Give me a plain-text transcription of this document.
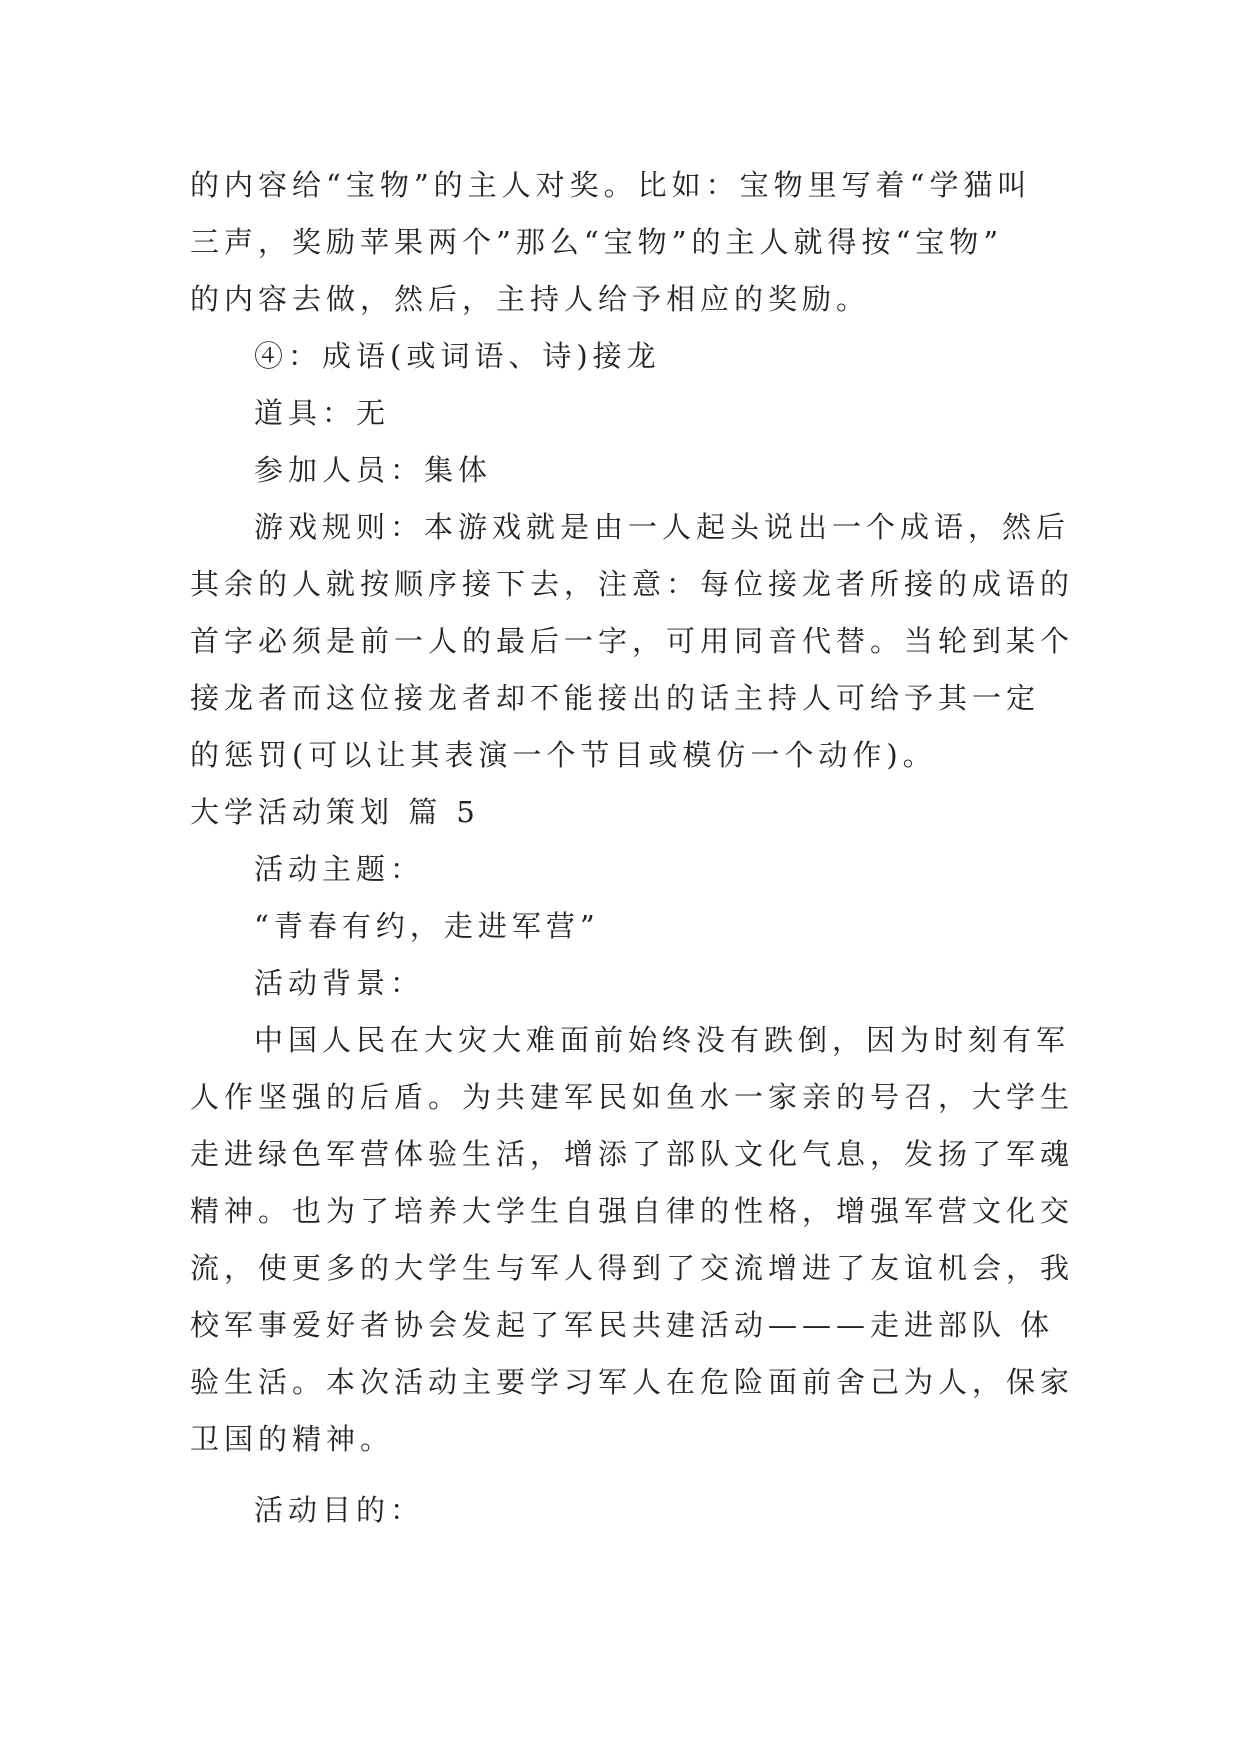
的内容给“宝物”的主人对奖。比如：宝物里写着“学猫叫

三声，奖励苹果两个”那么“宝物”的主人就得按“宝物”

的内容去做，然后，主持人给予相应的奖励。

④：成语(或词语、诗)接龙

道具：无

参加人员：集体

游戏规则：本游戏就是由一人起头说出一个成语，然后

其余的人就按顺序接下去，注意：每位接龙者所接的成语的

首字必须是前一人的最后一字，可用同音代替。当轮到某个

接龙者而这位接龙者却不能接出的话主持人可给予其一定

的惩罚(可以让其表演一个节目或模仿一个动作)。

大学活动策划 篇 5

活动主题：

“青春有约，走进军营”

活动背景：

中国人民在大灾大难面前始终没有跌倒，因为时刻有军

人作坚强的后盾。为共建军民如鱼水一家亲的号召，大学生

走进绿色军营体验生活，增添了部队文化气息，发扬了军魂

精神。也为了培养大学生自强自律的性格，增强军营文化交

流，使更多的大学生与军人得到了交流增进了友谊机会，我

校军事爱好者协会发起了军民共建活动———走进部队 体

验生活。本次活动主要学习军人在危险面前舍己为人，保家

卫国的精神。

活动目的：
